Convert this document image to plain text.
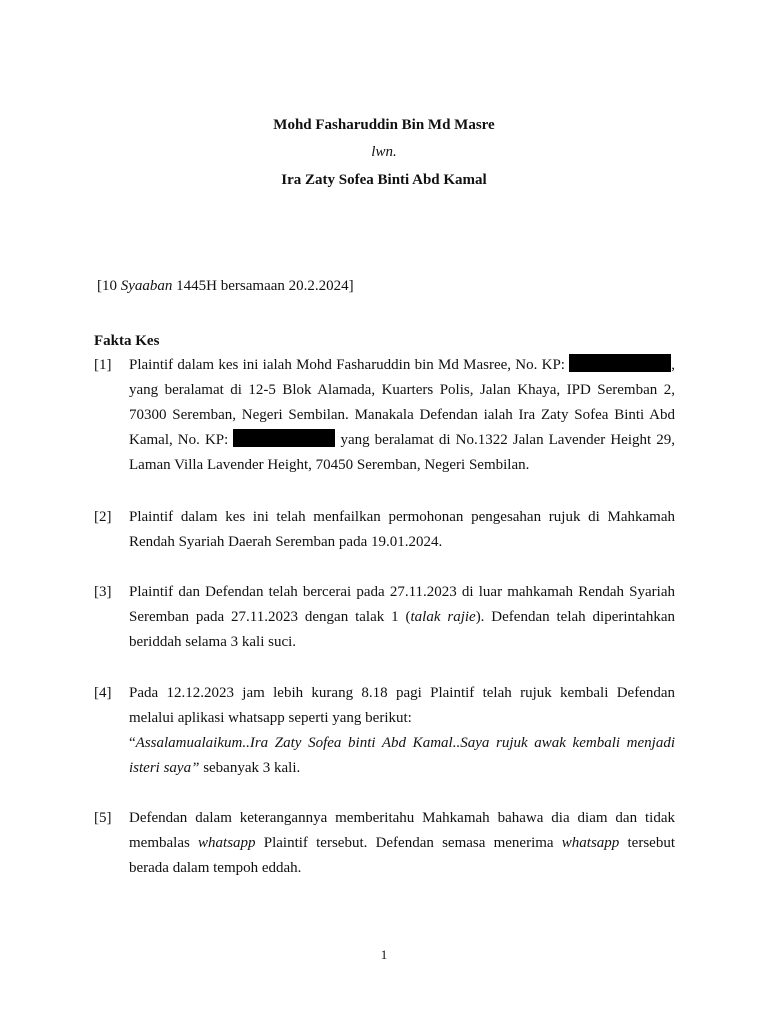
Mohd Fasharuddin Bin Md Masre
lwn.
Ira Zaty Sofea Binti Abd Kamal
[10 Syaaban 1445H bersamaan 20.2.2024]
Fakta Kes
[1] Plaintif dalam kes ini ialah Mohd Fasharuddin bin Md Masree, No. KP:	,
yang beralamat di 12-5 Blok Alamada, Kuarters Polis, Jalan Khaya, IPD Seremban 2,
70300 Seremban, Negeri Sembilan. Manakala Defendan ialah Ira Zaty Sofea Binti Abd
Kamal, No. KP:	yang beralamat di No.1322 Jalan Lavender Height 29,
Laman Villa Lavender Height, 70450 Seremban, Negeri Sembilan.
[2] Plaintif dalam kes ini telah menfailkan permohonan pengesahan rujuk di Mahkamah
Rendah Syariah Daerah Seremban pada 19.01.2024.
[3] Plaintif dan Defendan telah bercerai pada 27.11.2023 di luar mahkamah Rendah Syariah
Seremban pada 27.11.2023 dengan talak 1 (talak rajie). Defendan telah diperintahkan
beriddah selama 3 kali suci.
[4] Pada 12.12.2023 jam lebih kurang 8.18 pagi Plaintif telah rujuk kembali Defendan
melalui aplikasi whatsapp seperti yang berikut:
“Assalamualaikum..Ira Zaty Sofea binti Abd Kamal..Saya rujuk awak kembali menjadi
isteri saya” sebanyak 3 kali.
[5] Defendan dalam keterangannya memberitahu Mahkamah bahawa dia diam dan tidak
membalas whatsapp Plaintif tersebut. Defendan semasa menerima whatsapp tersebut
berada dalam tempoh eddah.
1
